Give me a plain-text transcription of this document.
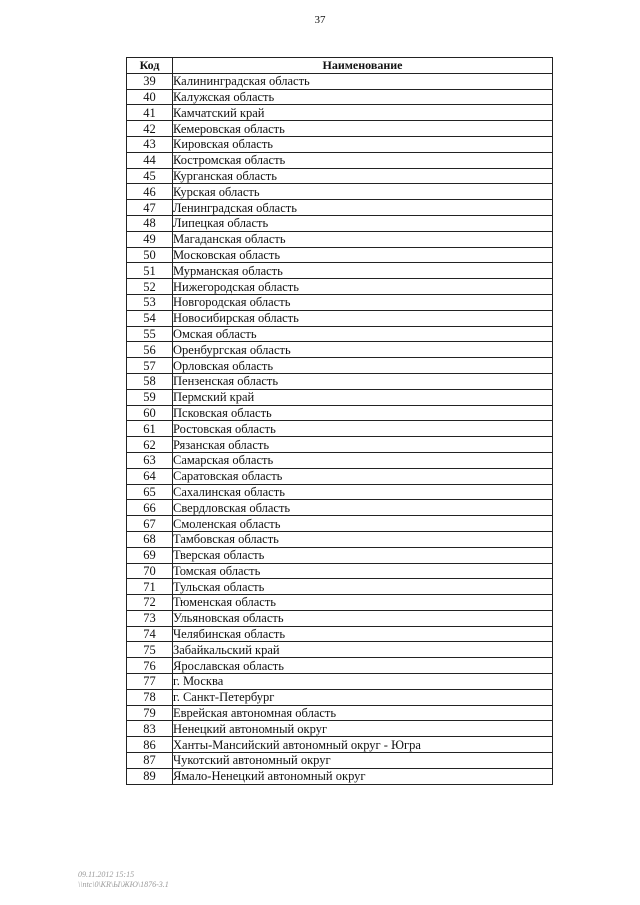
37
Код	Наименование
39	Калининградская область
40	Калужская область
41	Камчатский край
42	Кемеровская область
43	Кировская область
44	Костромская область
45	Курганская область
46	Курская область
47	Ленинградская область
48	Липецкая область
49	Магаданская область
50	Московская область
51	Мурманская область
52	Нижегородская область
53	Новгородская область
54	Новосибирская область
55	Омская область
56	Оренбургская область
57	Орловская область
58	Пензенская область
59	Пермский край
60	Псковская область
61	Ростовская область
62	Рязанская область
63	Самарская область
64	Саратовская область
65	Сахалинская область
66	Свердловская область
67	Смоленская область
68	Тамбовская область
69	Тверская область
70	Томская область
71	Тульская область
72	Тюменская область
73	Ульяновская область
74	Челябинская область
75	Забайкальский край
76	Ярославская область
77	г. Москва
78	г. Санкт-Петербург
79	Еврейская автономная область
83	Ненецкий автономный округ
86	Ханты-Мансийский автономный округ - Югра
87	Чукотский автономный округ
89	Ямало-Ненецкий автономный округ
09.11.2012 15:15
\\ntc\0\KR\Ы\ЖЮ\1876-3.1
